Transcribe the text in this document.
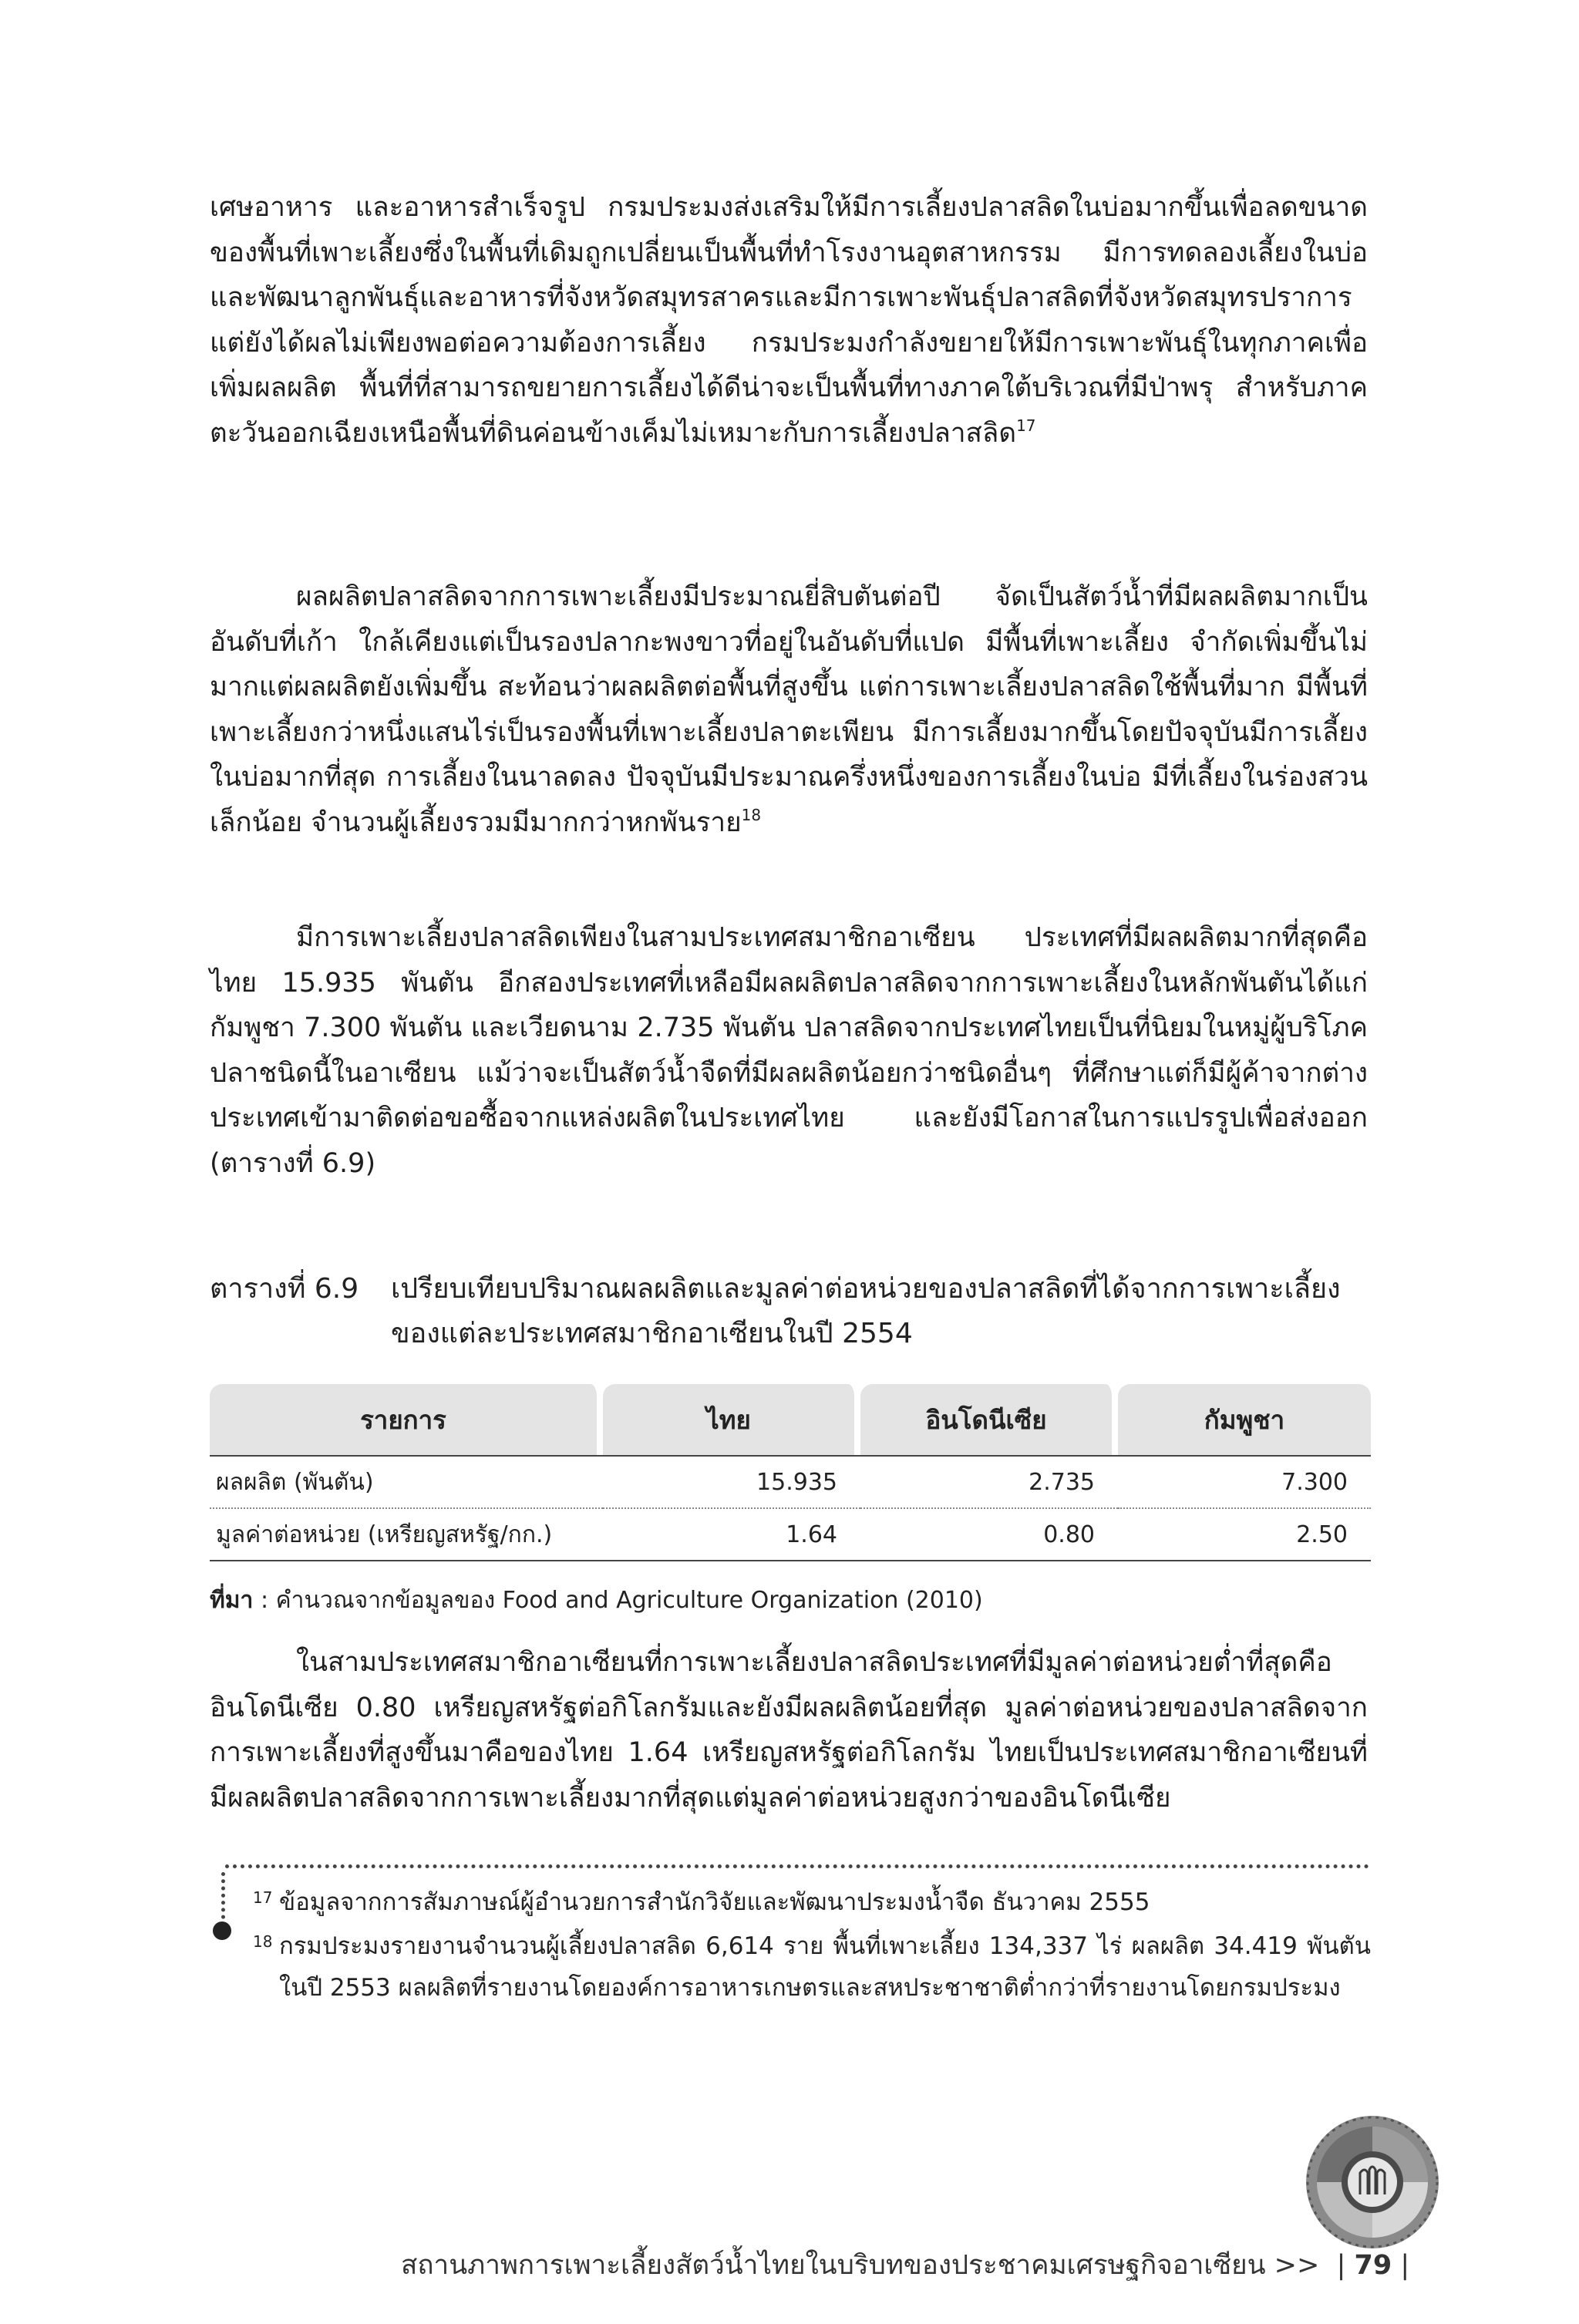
เศษอาหาร และอาหารสำเร็จรูป กรมประมงส่งเสริมให้มีการเลี้ยงปลาสลิดในบ่อมากขึ้นเพื่อลดขนาดของพื้นที่เพาะเลี้ยงซึ่งในพื้นที่เดิมถูกเปลี่ยนเป็นพื้นที่ทำโรงงานอุตสาหกรรม มีการทดลองเลี้ยงในบ่อและพัฒนาลูกพันธุ์และอาหารที่จังหวัดสมุทรสาครและมีการเพาะพันธุ์ปลาสลิดที่จังหวัดสมุทรปราการ แต่ยังได้ผลไม่เพียงพอต่อความต้องการเลี้ยง กรมประมงกำลังขยายให้มีการเพาะพันธุ์ในทุกภาคเพื่อเพิ่มผลผลิต พื้นที่ที่สามารถขยายการเลี้ยงได้ดีน่าจะเป็นพื้นที่ทางภาคใต้บริเวณที่มีป่าพรุ สำหรับภาคตะวันออกเฉียงเหนือพื้นที่ดินค่อนข้างเค็มไม่เหมาะกับการเลี้ยงปลาสลิด$^{17}$

ผลผลิตปลาสลิดจากการเพาะเลี้ยงมีประมาณยี่สิบตันต่อปี จัดเป็นสัตว์น้ำที่มีผลผลิตมากเป็นอันดับที่เก้า ใกล้เคียงแต่เป็นรองปลากะพงขาวที่อยู่ในอันดับที่แปด มีพื้นที่เพาะเลี้ยง จำกัดเพิ่มขึ้นไม่มากแต่ผลผลิตยังเพิ่มขึ้น สะท้อนว่าผลผลิตต่อพื้นที่สูงขึ้น แต่การเพาะเลี้ยงปลาสลิดใช้พื้นที่มาก มีพื้นที่เพาะเลี้ยงกว่าหนึ่งแสนไร่เป็นรองพื้นที่เพาะเลี้ยงปลาตะเพียน มีการเลี้ยงมากขึ้นโดยปัจจุบันมีการเลี้ยงในบ่อมากที่สุด การเลี้ยงในนาลดลง ปัจจุบันมีประมาณครึ่งหนึ่งของการเลี้ยงในบ่อ มีที่เลี้ยงในร่องสวนเล็กน้อย จำนวนผู้เลี้ยงรวมมีมากกว่าหกพันราย$^{18}$

มีการเพาะเลี้ยงปลาสลิดเพียงในสามประเทศสมาชิกอาเซียน ประเทศที่มีผลผลิตมากที่สุดคือไทย 15.935 พันตัน อีกสองประเทศที่เหลือมีผลผลิตปลาสลิดจากการเพาะเลี้ยงในหลักพันตันได้แก่ กัมพูชา 7.300 พันตัน และเวียดนาม 2.735 พันตัน ปลาสลิดจากประเทศไทยเป็นที่นิยมในหมู่ผู้บริโภคปลาชนิดนี้ในอาเซียน แม้ว่าจะเป็นสัตว์น้ำจืดที่มีผลผลิตน้อยกว่าชนิดอื่นๆ ที่ศึกษาแต่ก็มีผู้ค้าจากต่างประเทศเข้ามาติดต่อขอซื้อจากแหล่งผลิตในประเทศไทย และยังมีโอกาสในการแปรรูปเพื่อส่งออก (ตารางที่ 6.9)

ตารางที่ 6.9 เปรียบเทียบปริมาณผลผลิตและมูลค่าต่อหน่วยของปลาสลิดที่ได้จากการเพาะเลี้ยงของแต่ละประเทศสมาชิกอาเซียนในปี 2554
รายการ	ไทย	อินโดนีเซีย	กัมพูชา
ผลผลิต (พันตัน)	15.935	2.735	7.300
มูลค่าต่อหน่วย (เหรียญสหรัฐ/กก.)	1.64	0.80	2.50
ที่มา : คำนวณจากข้อมูลของ Food and Agriculture Organization (2010)

ในสามประเทศสมาชิกอาเซียนที่การเพาะเลี้ยงปลาสลิดประเทศที่มีมูลค่าต่อหน่วยต่ำที่สุดคืออินโดนีเซีย 0.80 เหรียญสหรัฐต่อกิโลกรัมและยังมีผลผลิตน้อยที่สุด มูลค่าต่อหน่วยของปลาสลิดจากการเพาะเลี้ยงที่สูงขึ้นมาคือของไทย 1.64 เหรียญสหรัฐต่อกิโลกรัม ไทยเป็นประเทศสมาชิกอาเซียนที่มีผลผลิตปลาสลิดจากการเพาะเลี้ยงมากที่สุดแต่มูลค่าต่อหน่วยสูงกว่าของอินโดนีเซีย

17 ข้อมูลจากการสัมภาษณ์ผู้อำนวยการสำนักวิจัยและพัฒนาประมงน้ำจืด ธันวาคม 2555
18 กรมประมงรายงานจำนวนผู้เลี้ยงปลาสลิด 6,614 ราย พื้นที่เพาะเลี้ยง 134,337 ไร่ ผลผลิต 34.419 พันตัน ในปี 2553 ผลผลิตที่รายงานโดยองค์การอาหารเกษตรและสหประชาชาติต่ำกว่าที่รายงานโดยกรมประมง
สถานภาพการเพาะเลี้ยงสัตว์น้ำไทยในบริบทของประชาคมเศรษฐกิจอาเซียน >>  | 79 |
